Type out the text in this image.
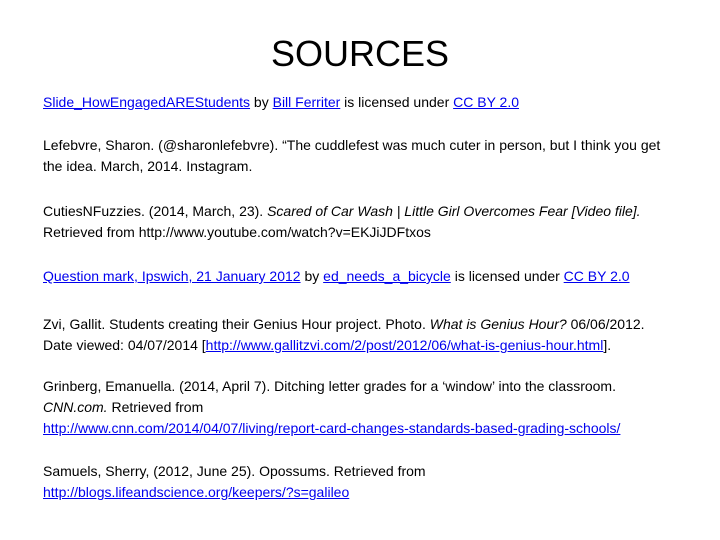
SOURCES
Slide_HowEngagedAREStudents by Bill Ferriter is licensed under CC BY 2.0
Lefebvre, Sharon. (@sharonlefebvre). “The cuddlefest was much cuter in person, but I think you get the idea. March, 2014. Instagram.
CutiesNFuzzies. (2014, March, 23). Scared of Car Wash | Little Girl Overcomes Fear [Video file].
Retrieved from http://www.youtube.com/watch?v=EKJiJDFtxos
Question mark, Ipswich, 21 January 2012 by ed_needs_a_bicycle is licensed under CC BY 2.0
Zvi, Gallit. Students creating their Genius Hour project. Photo. What is Genius Hour? 06/06/2012.
Date viewed: 04/07/2014 [http://www.gallitzvi.com/2/post/2012/06/what-is-genius-hour.html].
Grinberg, Emanuella. (2014, April 7). Ditching letter grades for a ‘window’ into the classroom.
CNN.com. Retrieved from
http://www.cnn.com/2014/04/07/living/report-card-changes-standards-based-grading-schools/
Samuels, Sherry, (2012, June 25). Opossums. Retrieved from
http://blogs.lifeandscience.org/keepers/?s=galileo
